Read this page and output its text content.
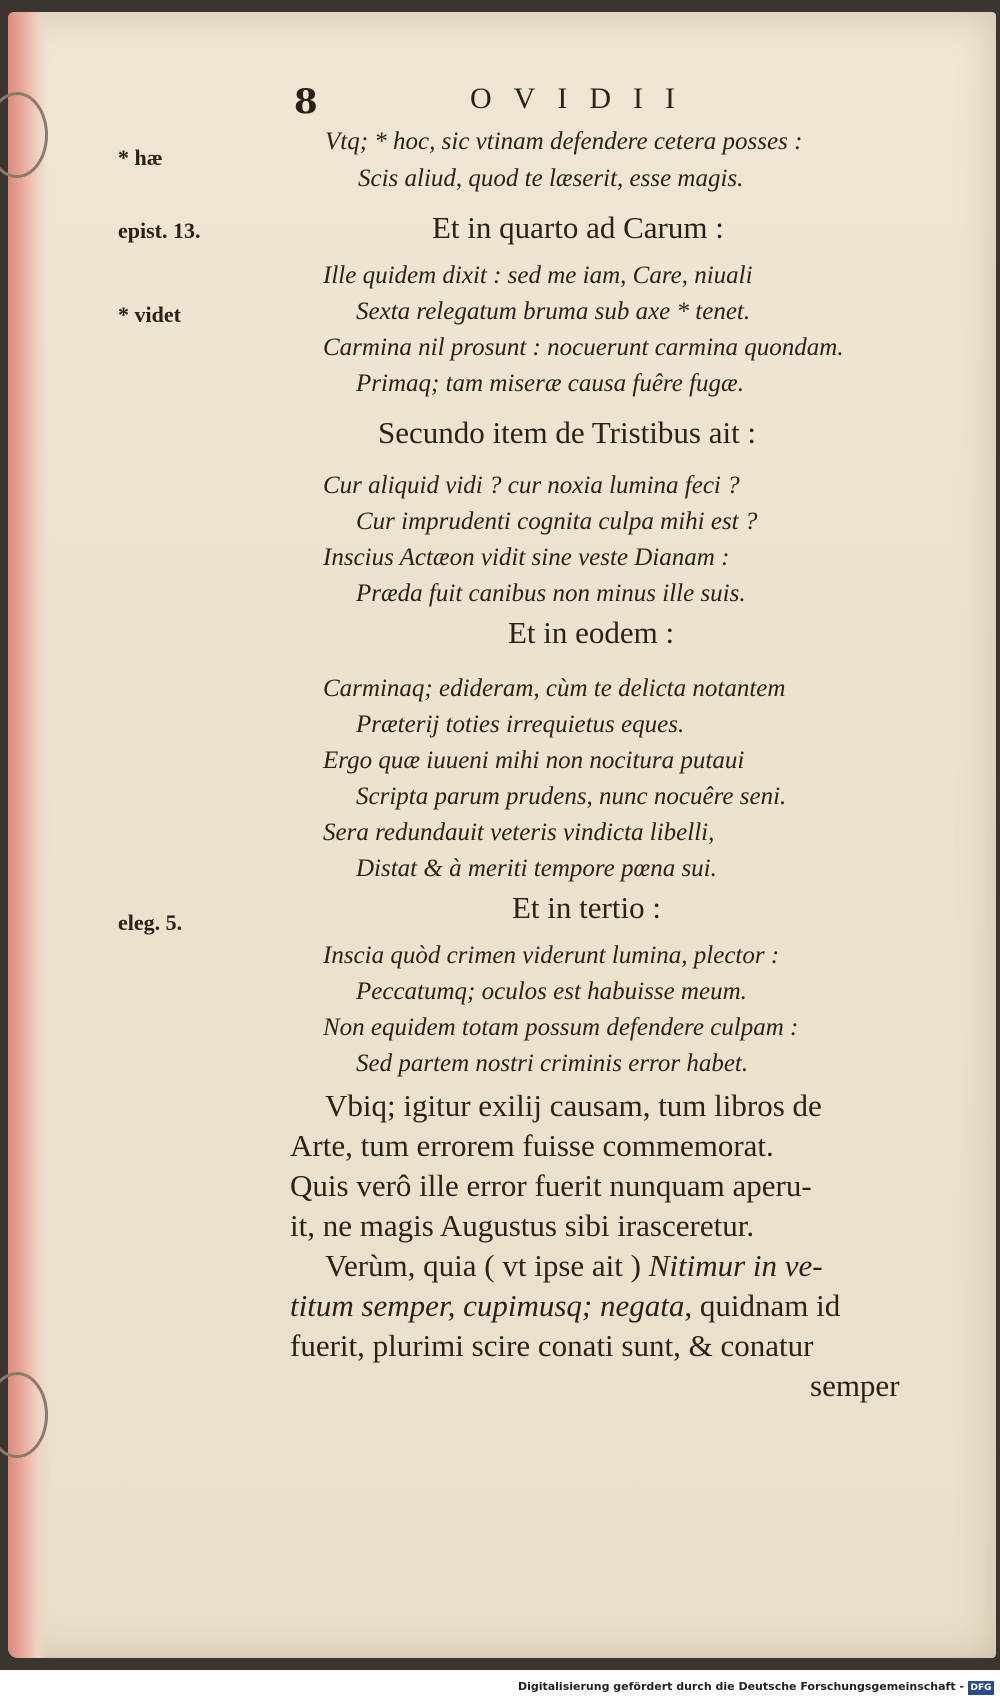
8	OVIDII
* hæ
epist. 13.
* videt
eleg. 5.
Vtq; * hoc, sic vtinam defendere cetera posses :
Scis aliud, quod te læserit, esse magis.
Et in quarto ad Carum :
Ille quidem dixit : sed me iam, Care, niuali
Sexta relegatum bruma sub axe * tenet.
Carmina nil prosunt : nocuerunt carmina quondam.
Primaq; tam miseræ causa fuêre fugæ.
Secundo item de Tristibus ait :
Cur aliquid vidi ? cur noxia lumina feci ?
Cur imprudenti cognita culpa mihi est ?
Inscius Actæon vidit sine veste Dianam :
Præda fuit canibus non minus ille suis.
Et in eodem :
Carminaq; edideram, cùm te delicta notantem
Præterij toties irrequietus eques.
Ergo quæ iuueni mihi non nocitura putaui
Scripta parum prudens, nunc nocuêre seni.
Sera redundauit veteris vindicta libelli,
Distat & à meriti tempore pœna sui.
Et in tertio :
Inscia quòd crimen viderunt lumina, plector :
Peccatumq; oculos est habuisse meum.
Non equidem totam possum defendere culpam :
Sed partem nostri criminis error habet.
Vbiq; igitur exilij causam, tum libros de
Arte, tum errorem fuisse commemorat.
Quis verô ille error fuerit nunquam aperu-
it, ne magis Augustus sibi irasceretur.
Verùm, quia ( vt ipse ait ) Nitimur in ve-
titum semper, cupimusq; negata, quidnam id
fuerit, plurimi scire conati sunt, & conatur
semper
Digitalisierung gefördert durch die Deutsche Forschungsgemeinschaft - DFG
